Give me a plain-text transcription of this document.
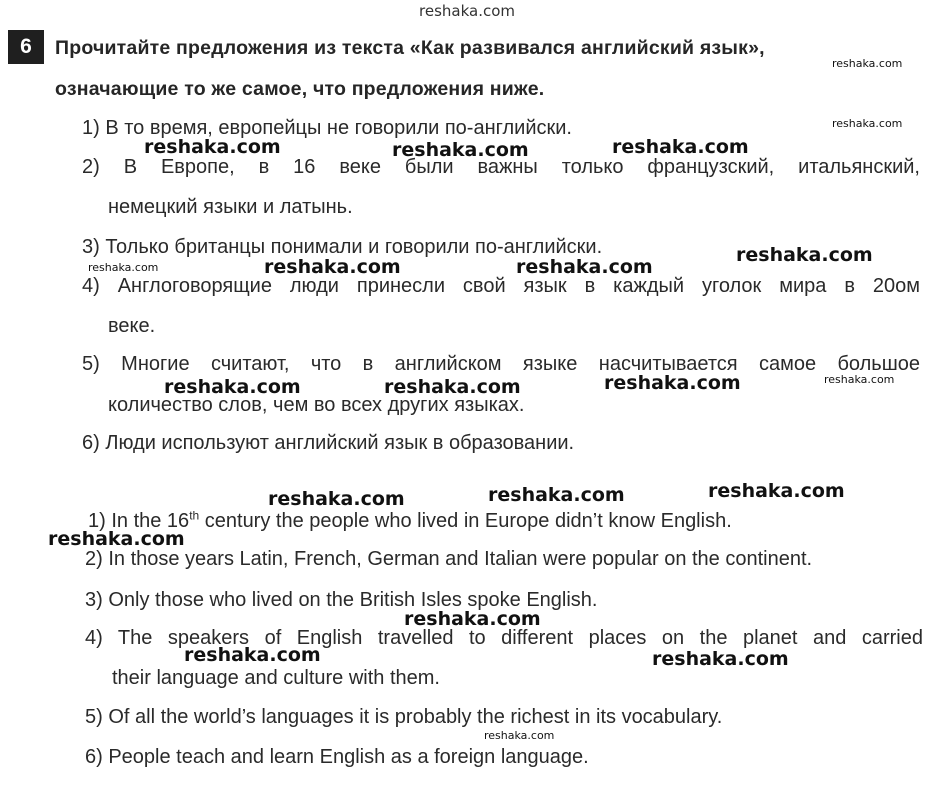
reshaka.com
6	Прочитайте предложения из текста «Как развивался английский язык»,
означающие то же самое, что предложения ниже.
1) В то время, европейцы не говорили по-английски.
2) В Европе, в 16 веке были важны только французский, итальянский,
немецкий языки и латынь.
3) Только британцы понимали и говорили по-английски.
4) Англоговорящие люди принесли свой язык в каждый уголок мира в 20ом
веке.
5) Многие считают, что в английском языке насчитывается самое большое
количество слов, чем во всех других языках.
6) Люди используют английский язык в образовании.
1) In the 16th century the people who lived in Europe didn’t know English.
2) In those years Latin, French, German and Italian were popular on the continent.
3) Only those who lived on the British Isles spoke English.
4) The speakers of English travelled to different places on the planet and carried
their language and culture with them.
5) Of all the world’s languages it is probably the richest in its vocabulary.
6) People teach and learn English as a foreign language.
reshaka.com	reshaka.com	reshaka.com
reshaka.com
reshaka.com	reshaka.com
reshaka.com	reshaka.com	reshaka.com
reshaka.com	reshaka.com	reshaka.com
reshaka.com
reshaka.com
reshaka.com	reshaka.com
reshaka.com
reshaka.com
reshaka.com
reshaka.com
reshaka.com
